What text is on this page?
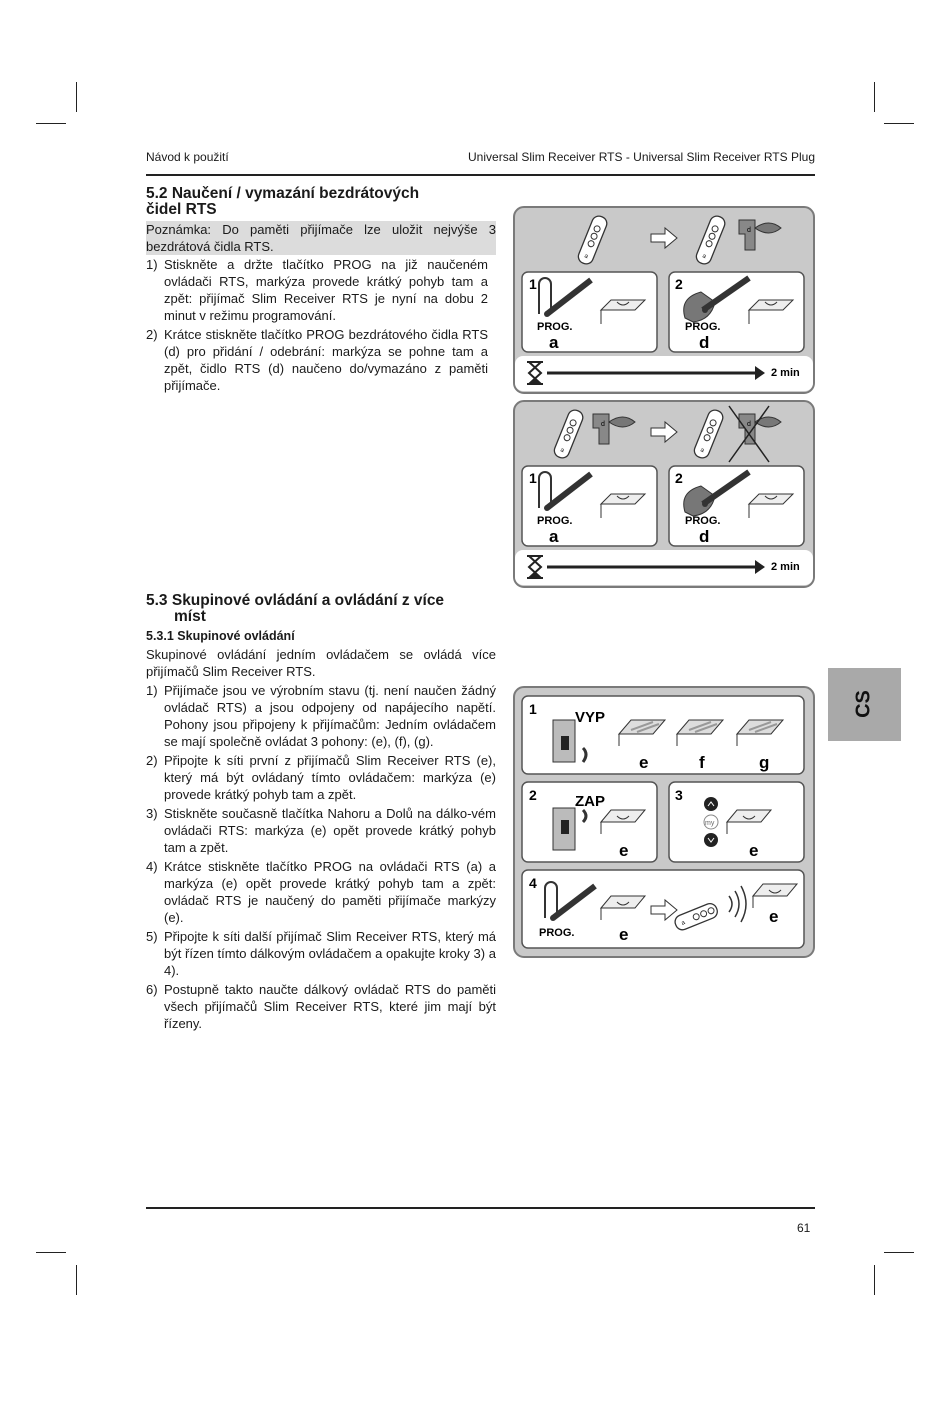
Návod k použití	Universal Slim Receiver RTS - Universal Slim Receiver RTS Plug
5.2 Naučení / vymazání bezdrátových
čidel RTS
Poznámka: Do paměti přijímače lze uložit nejvýše 3 bezdrátová čidla RTS.
1) Stiskněte a držte tlačítko PROG na již naučeném ovládači RTS, markýza provede krátký pohyb tam a zpět: přijímač Slim Receiver RTS je nyní na dobu 2 minut v režimu programování.
2) Krátce stiskněte tlačítko PROG bezdrátového čidla RTS (d) pro přidání / odebrání: markýza se pohne tam a zpět, čidlo RTS (d) naučeno do/vymazáno z paměti přijímače.
5.3 Skupinové ovládání a ovládání z více
míst
5.3.1 Skupinové ovládání
Skupinové ovládání jedním ovládačem se ovládá více přijímačů Slim Receiver RTS.
1) Přijímače jsou ve výrobním stavu (tj. není naučen žádný ovládač RTS) a jsou odpojeny od napájecího napětí. Pohony jsou připojeny k přijímačům: Jedním ovládačem se mají společně ovládat 3 pohony: (e), (f), (g).
2) Připojte k síti první z přijímačů Slim Receiver RTS (e), který má být ovládaný tímto ovládačem: markýza (e) provede krátký pohyb tam a zpět.
3) Stiskněte současně tlačítka Nahoru a Dolů na dálko-vém ovládači RTS: markýza (e) opět provede krátký pohyb tam a zpět.
4) Krátce stiskněte tlačítko PROG na ovládači RTS (a) a markýza (e) opět provede krátký pohyb tam a zpět: ovládač RTS je naučený do paměti přijímače markýzy (e).
5) Připojte k síti další přijímač Slim Receiver RTS, který má být řízen tímto dálkovým ovládačem a opakujte kroky 3) a 4).
6) Postupně takto naučte dálkový ovládač RTS do paměti všech přijímačů Slim Receiver RTS, které jim mají být řízeny.
CS
a	a
d
1
PROG.
a
2
PROG.
d
2 min
a
d
a
d
1
PROG.
a
2
PROG.
d
2 min
1	VYP
e	f	g
2	ZAP
e
3
my
e
4
PROG.	e
a	e
61
